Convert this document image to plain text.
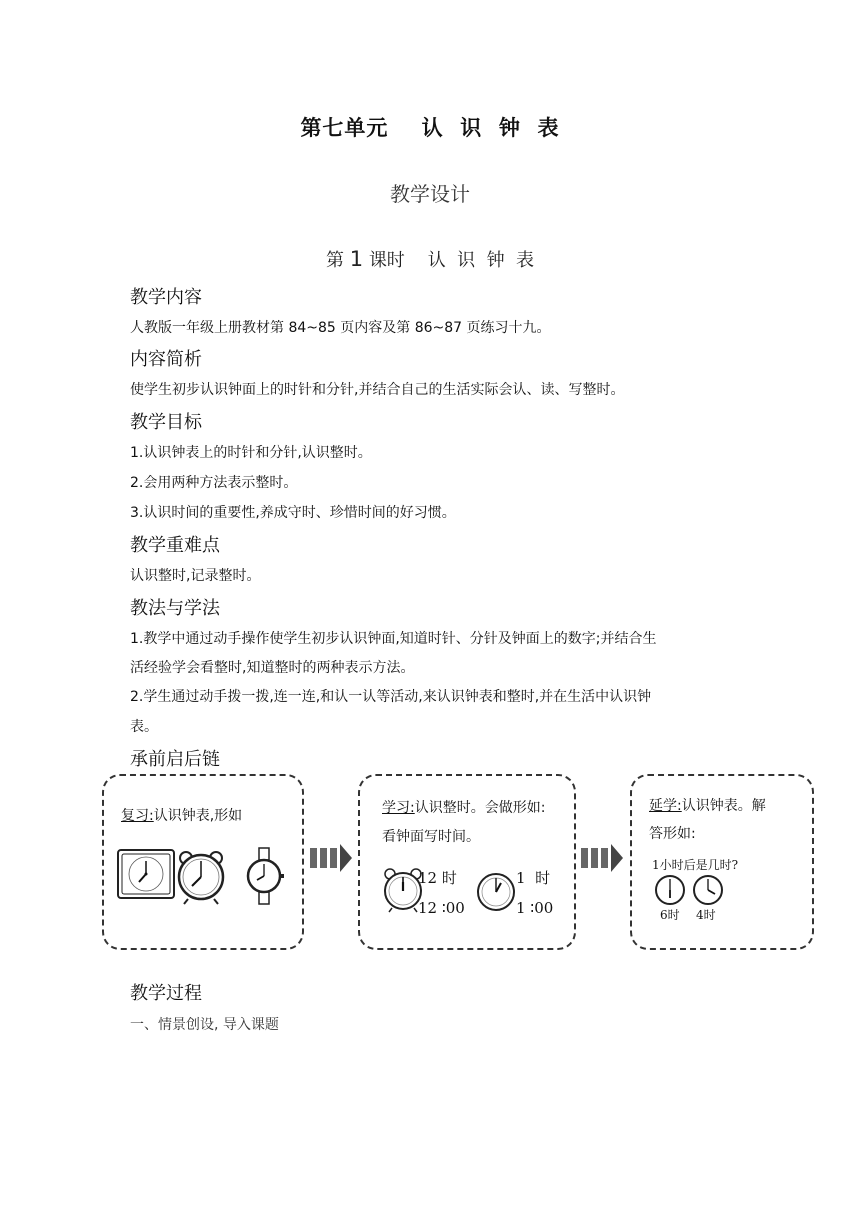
第七单元    认  识  钟  表
教学设计
第 1 课时    认  识  钟  表
教学内容
人教版一年级上册教材第 84~85 页内容及第 86~87 页练习十九。
内容简析
使学生初步认识钟面上的时针和分针,并结合自己的生活实际会认、读、写整时。
教学目标
1.认识钟表上的时针和分针,认识整时。
2.会用两种方法表示整时。
3.认识时间的重要性,养成守时、珍惜时间的好习惯。
教学重难点
认识整时,记录整时。
教法与学法
1.教学中通过动手操作使学生初步认识钟面,知道时针、分针及钟面上的数字;并结合生
活经验学会看整时,知道整时的两种表示方法。
2.学生通过动手拨一拨,连一连,和认一认等活动,来认识钟表和整时,并在生活中认识钟
表。
承前启后链
复习:认识钟表,形如	学习:认识整时。会做形如:
看钟面写时间。
12 时
12 ∶00
1  时
1 ∶00
延学:认识钟表。解
答形如:
1小时后是几时?
6时 4时
教学过程
一、情景创设, 导入课题
